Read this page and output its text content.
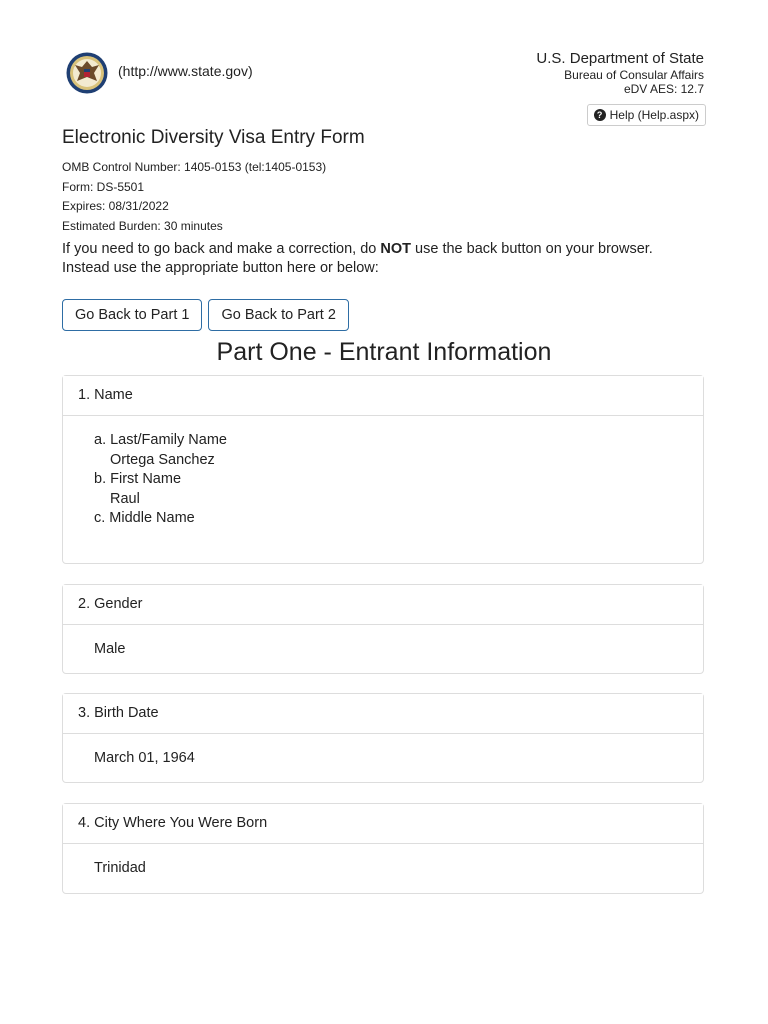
(http://www.state.gov)
U.S. Department of State
Bureau of Consular Affairs
eDV AES: 12.7
? Help (Help.aspx)
Electronic Diversity Visa Entry Form
OMB Control Number: 1405-0153 (tel:1405-0153)
Form: DS-5501
Expires: 08/31/2022
Estimated Burden: 30 minutes
If you need to go back and make a correction, do NOT use the back button on your browser. Instead use the appropriate button here or below:
Go Back to Part 1	Go Back to Part 2
Part One - Entrant Information
1. Name
a. Last/Family Name
Ortega Sanchez
b. First Name
Raul
c. Middle Name
2. Gender
Male
3. Birth Date
March 01, 1964
4. City Where You Were Born
Trinidad
